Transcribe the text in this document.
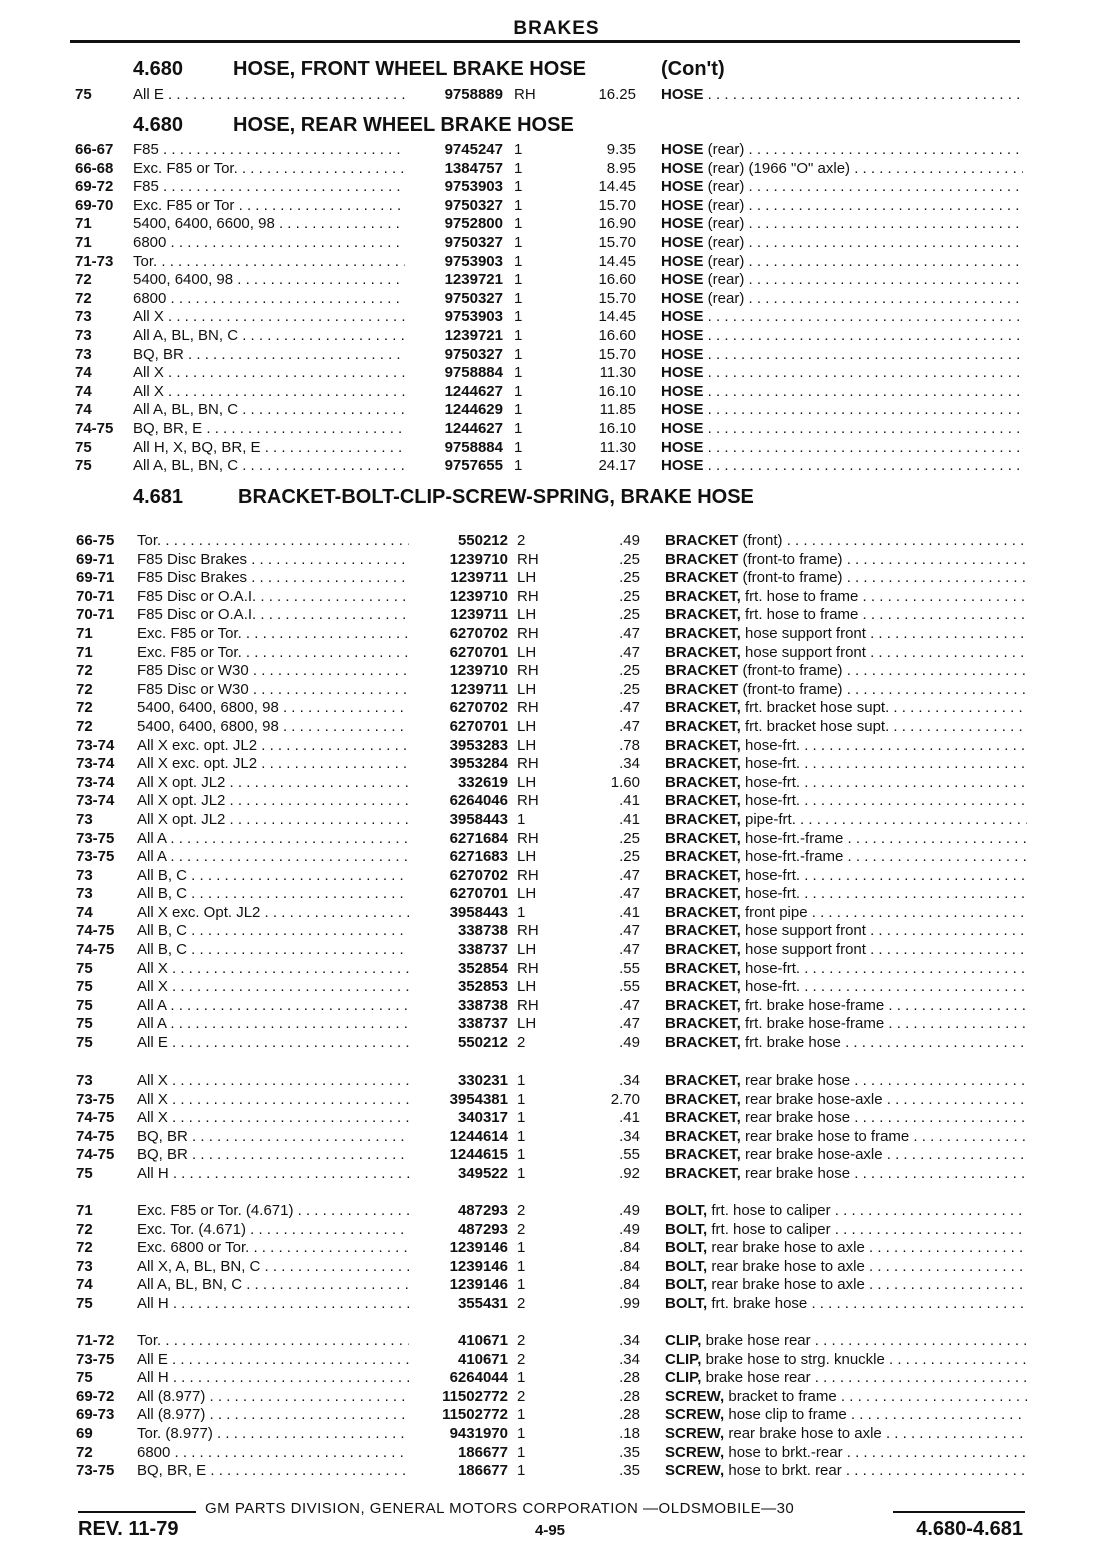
BRAKES
4.680 HOSE, FRONT WHEEL BRAKE HOSE	(Con't)
75	All E . . .	9758889 RH	16.25 HOSE . . .
4.680 HOSE, REAR WHEEL BRAKE HOSE
66-67 F85 . . .	9745247 1	9.35 HOSE (rear) . . .
66-68 Exc. F85 or Tor. . . .	1384757 1	8.95 HOSE (rear) (1966 "O" axle) . . .
69-72 F85 . . .	9753903 1	14.45 HOSE (rear) . . .
69-70 Exc. F85 or Tor . . .	9750327 1	15.70 HOSE (rear) . . .
71	5400, 6400, 6600, 98 . . .	9752800 1	16.90 HOSE (rear) . . .
71	6800 . . .	9750327 1	15.70 HOSE (rear) . . .
71-73 Tor. . . .	9753903 1	14.45 HOSE (rear) . . .
72	5400, 6400, 98 . . .	1239721 1	16.60 HOSE (rear) . . .
72	6800 . . .	9750327 1	15.70 HOSE (rear) . . .
73	All X . . .	9753903 1	14.45 HOSE . . .
73	All A, BL, BN, C . . .	1239721 1	16.60 HOSE . . .
73	BQ, BR . . .	9750327 1	15.70 HOSE . . .
74	All X . . .	9758884 1	11.30 HOSE . . .
74	All X . . .	1244627 1	16.10 HOSE . . .
74	All A, BL, BN, C . . .	1244629 1	11.85 HOSE . . .
74-75 BQ, BR, E . . .	1244627 1	16.10 HOSE . . .
75	All H, X, BQ, BR, E . . .	9758884 1	11.30 HOSE . . .
75	All A, BL, BN, C . . .	9757655 1	24.17 HOSE . . .
4.681	BRACKET-BOLT-CLIP-SCREW-SPRING, BRAKE HOSE
66-75 Tor. . . .	550212 2	.49 BRACKET (front) . . .
69-71 F85 Disc Brakes . . .	1239710 RH	.25 BRACKET (front-to frame) . . .
69-71 F85 Disc Brakes . . .	1239711 LH	.25 BRACKET (front-to frame) . . .
70-71 F85 Disc or O.A.I. . . .	1239710 RH	.25 BRACKET, frt. hose to frame . . .
70-71 F85 Disc or O.A.I. . . .	1239711 LH	.25 BRACKET, frt. hose to frame . . .
71	Exc. F85 or Tor. . . .	6270702 RH	.47 BRACKET, hose support front . . .
71	Exc. F85 or Tor. . . .	6270701 LH	.47 BRACKET, hose support front . . .
72	F85 Disc or W30 . . .	1239710 RH	.25 BRACKET (front-to frame) . . .
72	F85 Disc or W30 . . .	1239711 LH	.25 BRACKET (front-to frame) . . .
72	5400, 6400, 6800, 98 . . .	6270702 RH	.47 BRACKET, frt. bracket hose supt. . . .
72	5400, 6400, 6800, 98 . . .	6270701 LH	.47 BRACKET, frt. bracket hose supt. . . .
73-74 All X exc. opt. JL2 . . .	3953283 LH	.78 BRACKET, hose-frt. . . .
73-74 All X exc. opt. JL2 . . .	3953284 RH	.34 BRACKET, hose-frt. . . .
73-74 All X opt. JL2 . . .	332619 LH	1.60 BRACKET, hose-frt. . . .
73-74 All X opt. JL2 . . .	6264046 RH	.41 BRACKET, hose-frt. . . .
73	All X opt. JL2 . . .	3958443 1	.41 BRACKET, pipe-frt. . . .
73-75 All A . . .	6271684 RH	.25 BRACKET, hose-frt.-frame . . .
73-75 All A . . .	6271683 LH	.25 BRACKET, hose-frt.-frame . . .
73	All B, C . . .	6270702 RH	.47 BRACKET, hose-frt. . . .
73	All B, C . . .	6270701 LH	.47 BRACKET, hose-frt. . . .
74	All X exc. Opt. JL2 . . .	3958443 1	.41 BRACKET, front pipe . . .
74-75 All B, C . . .	338738 RH	.47 BRACKET, hose support front . . .
74-75 All B, C . . .	338737 LH	.47 BRACKET, hose support front . . .
75	All X . . .	352854 RH	.55 BRACKET, hose-frt. . . .
75	All X . . .	352853 LH	.55 BRACKET, hose-frt. . . .
75	All A . . .	338738 RH	.47 BRACKET, frt. brake hose-frame . . .
75	All A . . .	338737 LH	.47 BRACKET, frt. brake hose-frame . . .
75	All E . . .	550212 2	.49 BRACKET, frt. brake hose . . .
73	All X . . .	330231 1	.34 BRACKET, rear brake hose . . .
73-75 All X . . .	3954381 1	2.70 BRACKET, rear brake hose-axle . . .
74-75 All X . . .	340317 1	.41 BRACKET, rear brake hose . . .
74-75 BQ, BR . . .	1244614 1	.34 BRACKET, rear brake hose to frame . . .
74-75 BQ, BR . . .	1244615 1	.55 BRACKET, rear brake hose-axle . . .
75	All H . . .	349522 1	.92 BRACKET, rear brake hose . . .
71	Exc. F85 or Tor. (4.671) . . .	487293 2	.49 BOLT, frt. hose to caliper . . .
72	Exc. Tor. (4.671) . . .	487293 2	.49 BOLT, frt. hose to caliper . . .
72	Exc. 6800 or Tor. . . .	1239146 1	.84 BOLT, rear brake hose to axle . . .
73	All X, A, BL, BN, C . . .	1239146 1	.84 BOLT, rear brake hose to axle . . .
74	All A, BL, BN, C . . .	1239146 1	.84 BOLT, rear brake hose to axle . . .
75	All H . . .	355431 2	.99 BOLT, frt. brake hose . . .
71-72 Tor. . . .	410671 2	.34 CLIP, brake hose rear . . .
73-75 All E . . .	410671 2	.34 CLIP, brake hose to strg. knuckle . . .
75	All H . . .	6264044 1	.28 CLIP, brake hose rear . . .
69-72 All (8.977) . . .	11502772 2	.28 SCREW, bracket to frame . . .
69-73 All (8.977) . . .	11502772 1	.28 SCREW, hose clip to frame . . .
69	Tor. (8.977) . . .	9431970 1	.18 SCREW, rear brake hose to axle . . .
72	6800 . . .	186677 1	.35 SCREW, hose to brkt.-rear . . .
73-75 BQ, BR, E . . .	186677 1	.35 SCREW, hose to brkt. rear . . .
GM PARTS DIVISION, GENERAL MOTORS CORPORATION —OLDSMOBILE—30
REV. 11-79	4-95	4.680-4.681
